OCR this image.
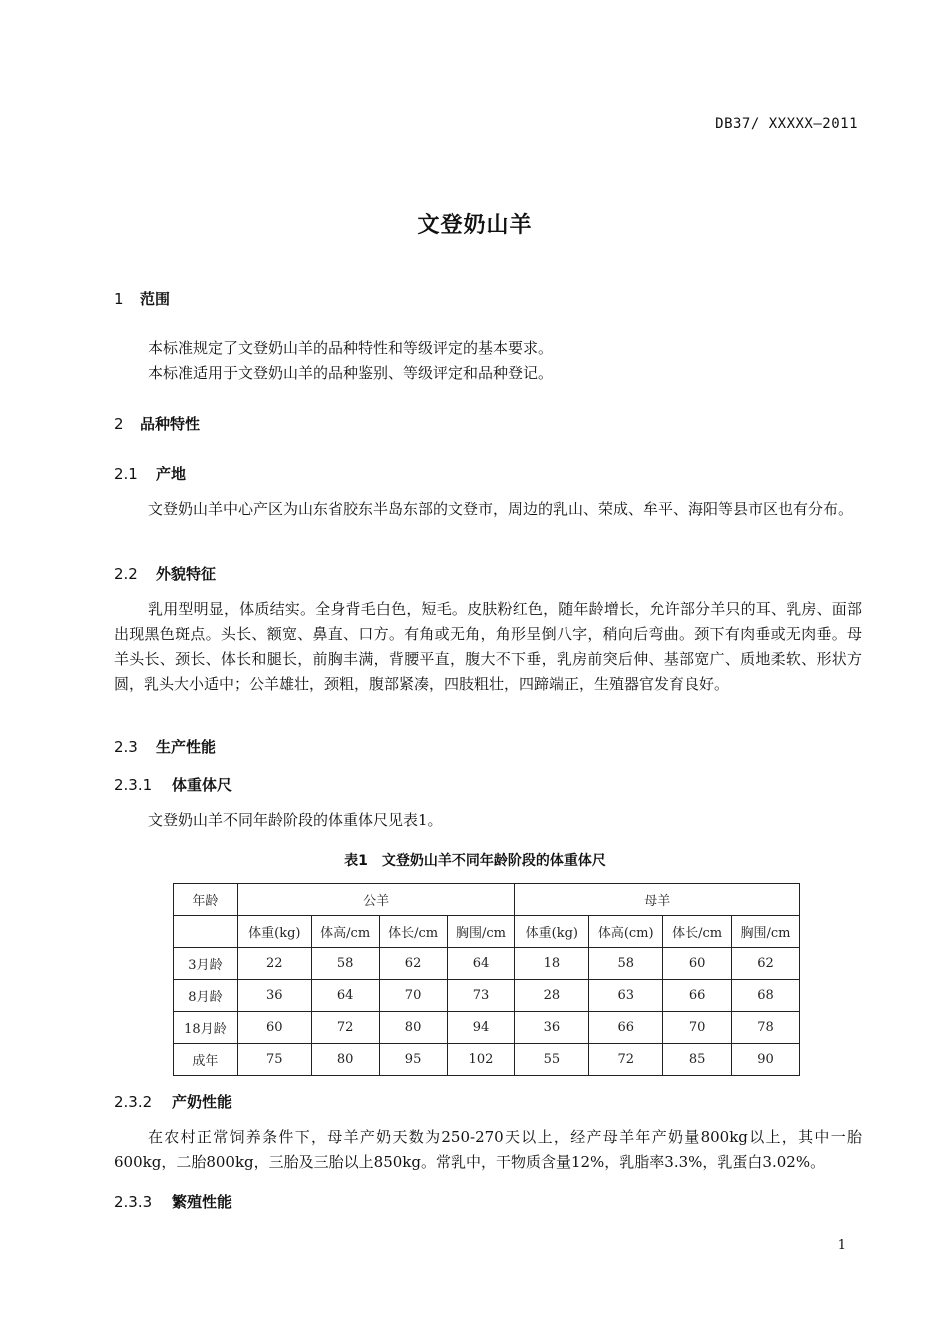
DB37/ XXXXX—2011
文登奶山羊
1 范围
本标准规定了文登奶山羊的品种特性和等级评定的基本要求。
本标准适用于文登奶山羊的品种鉴别、等级评定和品种登记。
2 品种特性
2.1 产地
文登奶山羊中心产区为山东省胶东半岛东部的文登市，周边的乳山、荣成、牟平、海阳等县市区也有分布。
2.2 外貌特征
乳用型明显，体质结实。全身背毛白色，短毛。皮肤粉红色，随年龄增长，允许部分羊只的耳、乳房、面部出现黑色斑点。头长、额宽、鼻直、口方。有角或无角，角形呈倒八字，稍向后弯曲。颈下有肉垂或无肉垂。母羊头长、颈长、体长和腿长，前胸丰满，背腰平直，腹大不下垂，乳房前突后伸、基部宽广、质地柔软、形状方圆，乳头大小适中；公羊雄壮，颈粗，腹部紧凑，四肢粗壮，四蹄端正，生殖器官发育良好。
2.3 生产性能
2.3.1 体重体尺
文登奶山羊不同年龄阶段的体重体尺见表1。
表1　文登奶山羊不同年龄阶段的体重体尺
年龄	公羊				母羊			
	体重(kg)	体高/cm	体长/cm	胸围/cm	体重(kg)	体高(cm)	体长/cm	胸围/cm
3月龄	22	58	62	64	18	58	60	62
8月龄	36	64	70	73	28	63	66	68
18月龄	60	72	80	94	36	66	70	78
成年	75	80	95	102	55	72	85	90
2.3.2 产奶性能
在农村正常饲养条件下，母羊产奶天数为250-270天以上，经产母羊年产奶量800kg以上，其中一胎600kg，二胎800kg，三胎及三胎以上850kg。常乳中，干物质含量12%，乳脂率3.3%，乳蛋白3.02%。
2.3.3 繁殖性能
1
